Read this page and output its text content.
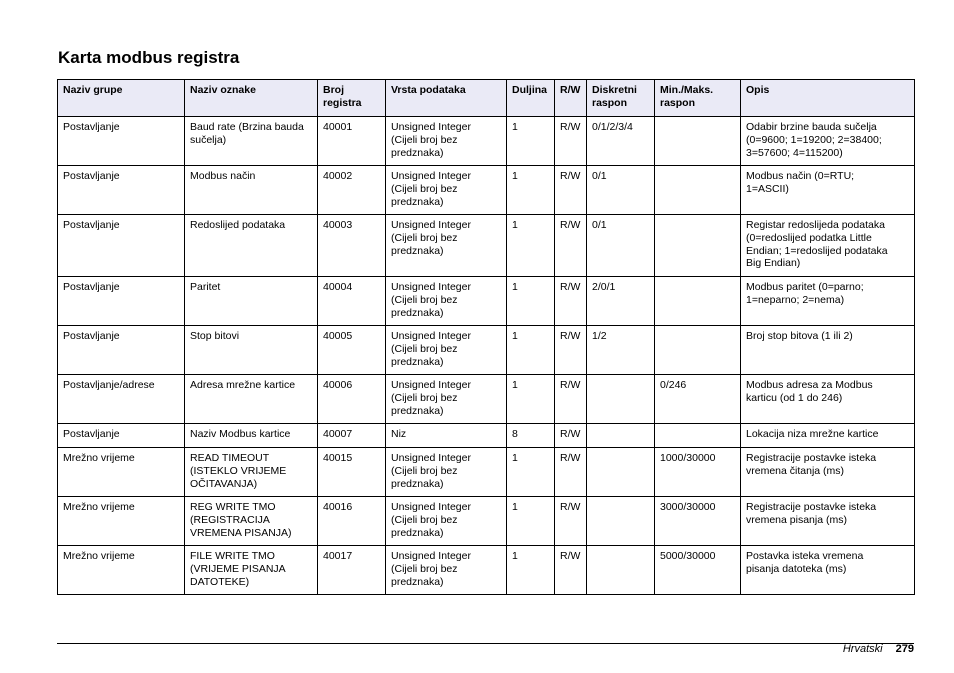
Karta modbus registra
Naziv grupe	Naziv oznake	Broj
registra	Vrsta podataka	Duljina	R/W	Diskretni
raspon	Min./Maks.
raspon	Opis
Postavljanje	Baud rate (Brzina bauda
sučelja)	40001	Unsigned Integer
(Cijeli broj bez
predznaka)	1	R/W	0/1/2/3/4		Odabir brzine bauda sučelja
(0=9600; 1=19200; 2=38400;
3=57600; 4=115200)
Postavljanje	Modbus način	40002	Unsigned Integer
(Cijeli broj bez
predznaka)	1	R/W	0/1		Modbus način (0=RTU;
1=ASCII)
Postavljanje	Redoslijed podataka	40003	Unsigned Integer
(Cijeli broj bez
predznaka)	1	R/W	0/1		Registar redoslijeda podataka
(0=redoslijed podatka Little
Endian; 1=redoslijed podataka
Big Endian)
Postavljanje	Paritet	40004	Unsigned Integer
(Cijeli broj bez
predznaka)	1	R/W	2/0/1		Modbus paritet (0=parno;
1=neparno; 2=nema)
Postavljanje	Stop bitovi	40005	Unsigned Integer
(Cijeli broj bez
predznaka)	1	R/W	1/2		Broj stop bitova (1 ili 2)
Postavljanje/adrese	Adresa mrežne kartice	40006	Unsigned Integer
(Cijeli broj bez
predznaka)	1	R/W		0/246	Modbus adresa za Modbus
karticu (od 1 do 246)
Postavljanje	Naziv Modbus kartice	40007	Niz	8	R/W			Lokacija niza mrežne kartice
Mrežno vrijeme	READ TIMEOUT
(ISTEKLO VRIJEME
OČITAVANJA)	40015	Unsigned Integer
(Cijeli broj bez
predznaka)	1	R/W		1000/30000	Registracije postavke isteka
vremena čitanja (ms)
Mrežno vrijeme	REG WRITE TMO
(REGISTRACIJA
VREMENA PISANJA)	40016	Unsigned Integer
(Cijeli broj bez
predznaka)	1	R/W		3000/30000	Registracije postavke isteka
vremena pisanja (ms)
Mrežno vrijeme	FILE WRITE TMO
(VRIJEME PISANJA
DATOTEKE)	40017	Unsigned Integer
(Cijeli broj bez
predznaka)	1	R/W		5000/30000	Postavka isteka vremena
pisanja datoteka (ms)
Hrvatski 279
